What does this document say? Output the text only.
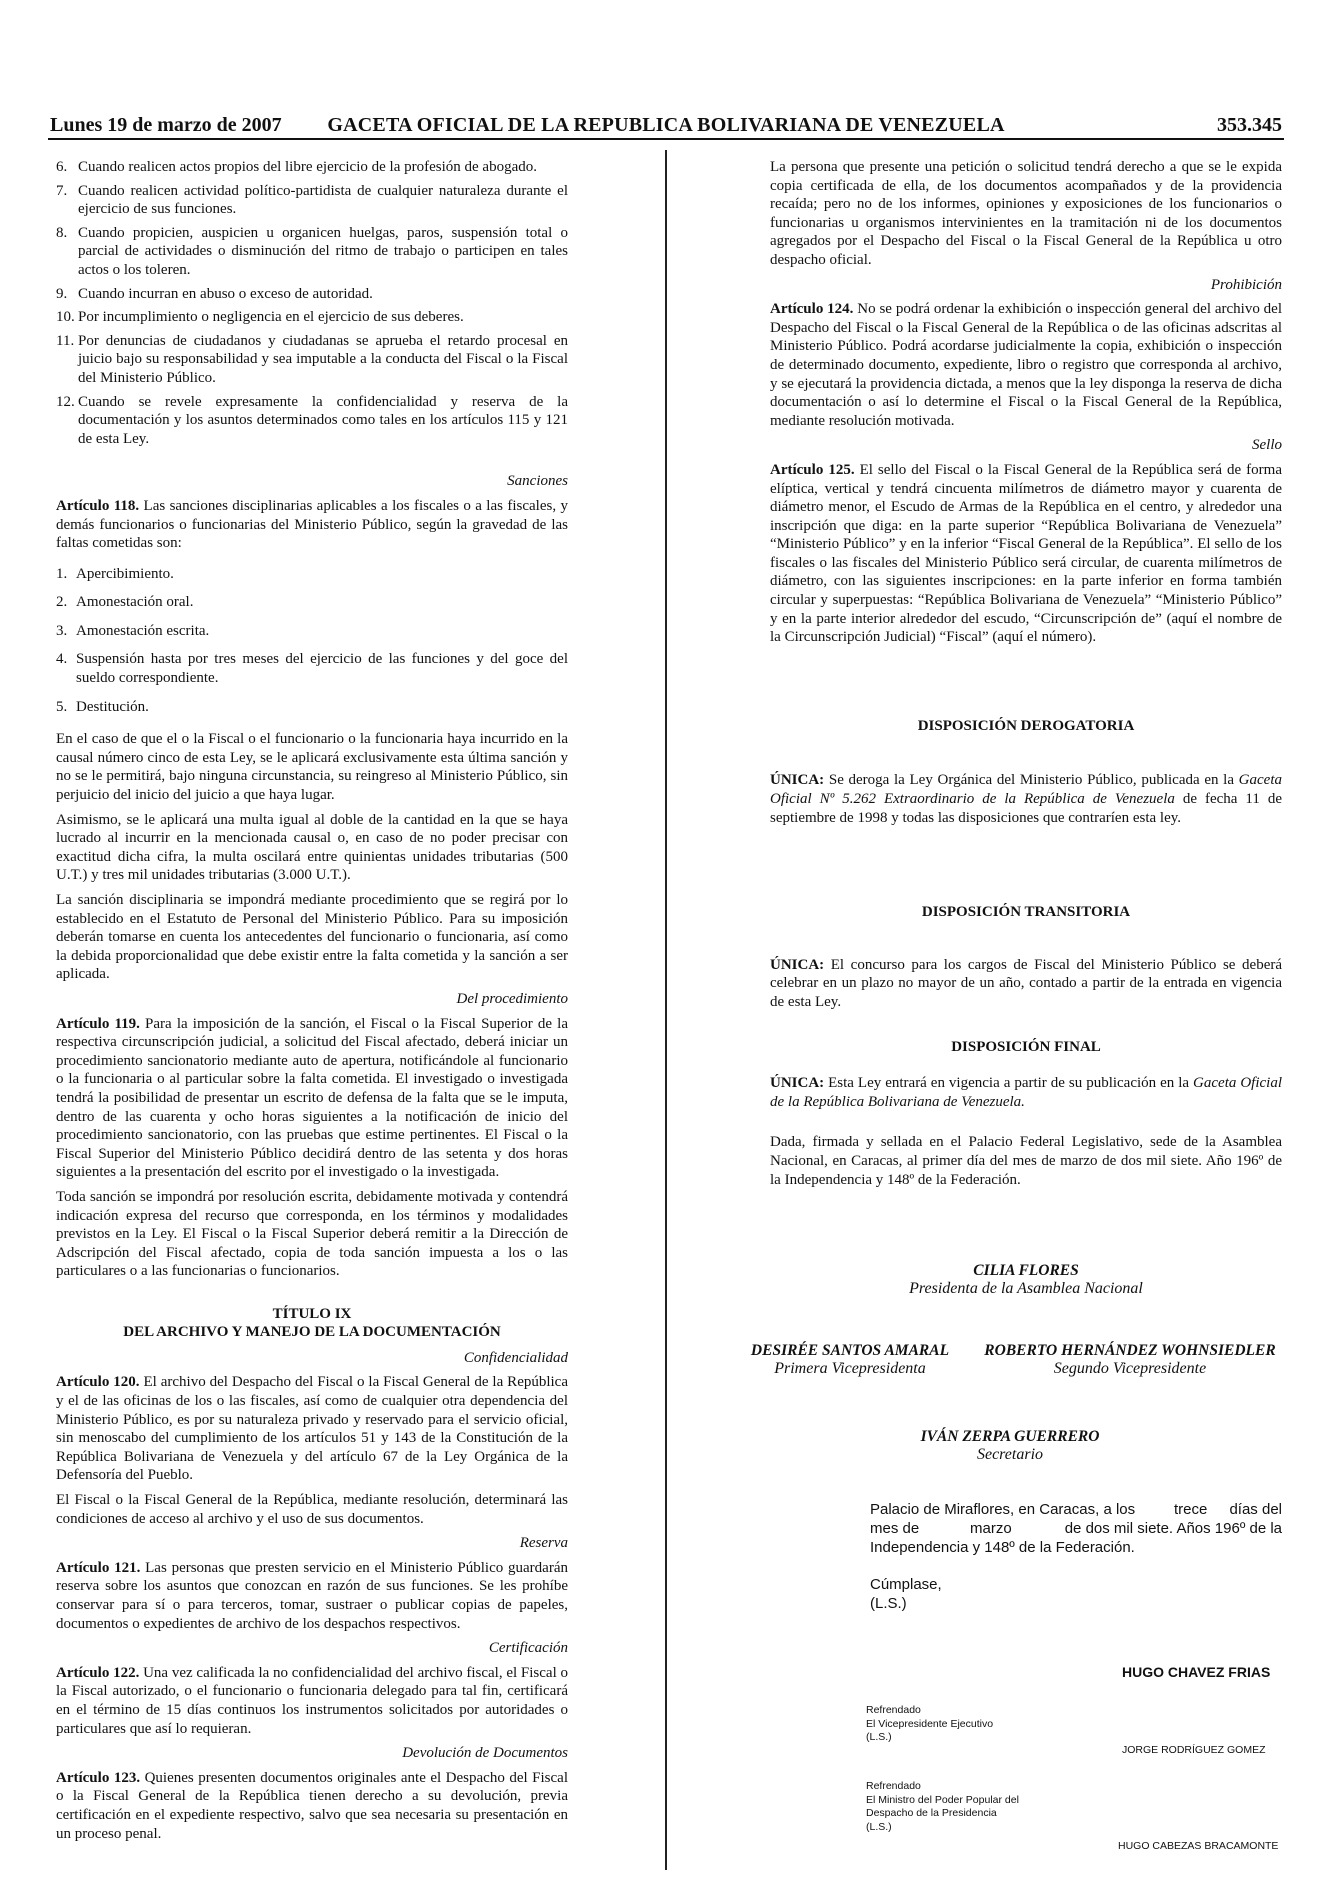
Lunes 19 de marzo de 2007	GACETA OFICIAL DE LA REPUBLICA BOLIVARIANA DE VENEZUELA	353.345
6. Cuando realicen actos propios del libre ejercicio de la profesión de abogado.
7. Cuando realicen actividad político-partidista de cualquier naturaleza durante el ejercicio de sus funciones.
8. Cuando propicien, auspicien u organicen huelgas, paros, suspensión total o parcial de actividades o disminución del ritmo de trabajo o participen en tales actos o los toleren.
9. Cuando incurran en abuso o exceso de autoridad.
10. Por incumplimiento o negligencia en el ejercicio de sus deberes.
11. Por denuncias de ciudadanos y ciudadanas se aprueba el retardo procesal en juicio bajo su responsabilidad y sea imputable a la conducta del Fiscal o la Fiscal del Ministerio Público.
12. Cuando se revele expresamente la confidencialidad y reserva de la documentación y los asuntos determinados como tales en los artículos 115 y 121 de esta Ley.

Sanciones

Artículo 118. Las sanciones disciplinarias aplicables a los fiscales o a las fiscales, y demás funcionarios o funcionarias del Ministerio Público, según la gravedad de las faltas cometidas son:

1. Apercibimiento.
2. Amonestación oral.
3. Amonestación escrita.
4. Suspensión hasta por tres meses del ejercicio de las funciones y del goce del sueldo correspondiente.
5. Destitución.

En el caso de que el o la Fiscal o el funcionario o la funcionaria haya incurrido en la causal número cinco de esta Ley, se le aplicará exclusivamente esta última sanción y no se le permitirá, bajo ninguna circunstancia, su reingreso al Ministerio Público, sin perjuicio del inicio del juicio a que haya lugar.

Asimismo, se le aplicará una multa igual al doble de la cantidad en la que se haya lucrado al incurrir en la mencionada causal o, en caso de no poder precisar con exactitud dicha cifra, la multa oscilará entre quinientas unidades tributarias (500 U.T.) y tres mil unidades tributarias (3.000 U.T.).

La sanción disciplinaria se impondrá mediante procedimiento que se regirá por lo establecido en el Estatuto de Personal del Ministerio Público. Para su imposición deberán tomarse en cuenta los antecedentes del funcionario o funcionaria, así como la debida proporcionalidad que debe existir entre la falta cometida y la sanción a ser aplicada.

Del procedimiento

Artículo 119. Para la imposición de la sanción, el Fiscal o la Fiscal Superior de la respectiva circunscripción judicial, a solicitud del Fiscal afectado, deberá iniciar un procedimiento sancionatorio mediante auto de apertura, notificándole al funcionario o la funcionaria o al particular sobre la falta cometida. El investigado o investigada tendrá la posibilidad de presentar un escrito de defensa de la falta que se le imputa, dentro de las cuarenta y ocho horas siguientes a la notificación de inicio del procedimiento sancionatorio, con las pruebas que estime pertinentes. El Fiscal o la Fiscal Superior del Ministerio Público decidirá dentro de las setenta y dos horas siguientes a la presentación del escrito por el investigado o la investigada.

Toda sanción se impondrá por resolución escrita, debidamente motivada y contendrá indicación expresa del recurso que corresponda, en los términos y modalidades previstos en la Ley. El Fiscal o la Fiscal Superior deberá remitir a la Dirección de Adscripción del Fiscal afectado, copia de toda sanción impuesta a los o las particulares o a las funcionarias o funcionarios.

TÍTULO IX
DEL ARCHIVO Y MANEJO DE LA DOCUMENTACIÓN

Confidencialidad

Artículo 120. El archivo del Despacho del Fiscal o la Fiscal General de la República y el de las oficinas de los o las fiscales, así como de cualquier otra dependencia del Ministerio Público, es por su naturaleza privado y reservado para el servicio oficial, sin menoscabo del cumplimiento de los artículos 51 y 143 de la Constitución de la República Bolivariana de Venezuela y del artículo 67 de la Ley Orgánica de la Defensoría del Pueblo.

El Fiscal o la Fiscal General de la República, mediante resolución, determinará las condiciones de acceso al archivo y el uso de sus documentos.

Reserva

Artículo 121. Las personas que presten servicio en el Ministerio Público guardarán reserva sobre los asuntos que conozcan en razón de sus funciones. Se les prohíbe conservar para sí o para terceros, tomar, sustraer o publicar copias de papeles, documentos o expedientes de archivo de los despachos respectivos.

Certificación

Artículo 122. Una vez calificada la no confidencialidad del archivo fiscal, el Fiscal o la Fiscal autorizado, o el funcionario o funcionaria delegado para tal fin, certificará en el término de 15 días continuos los instrumentos solicitados por autoridades o particulares que así lo requieran.

Devolución de Documentos

Artículo 123. Quienes presenten documentos originales ante el Despacho del Fiscal o la Fiscal General de la República tienen derecho a su devolución, previa certificación en el expediente respectivo, salvo que sea necesaria su presentación en un proceso penal.

La persona que presente una petición o solicitud tendrá derecho a que se le expida copia certificada de ella, de los documentos acompañados y de la providencia recaída; pero no de los informes, opiniones y exposiciones de los funcionarios o funcionarias u organismos intervinientes en la tramitación ni de los documentos agregados por el Despacho del Fiscal o la Fiscal General de la República u otro despacho oficial.

Prohibición

Artículo 124. No se podrá ordenar la exhibición o inspección general del archivo del Despacho del Fiscal o la Fiscal General de la República o de las oficinas adscritas al Ministerio Público. Podrá acordarse judicialmente la copia, exhibición o inspección de determinado documento, expediente, libro o registro que corresponda al archivo, y se ejecutará la providencia dictada, a menos que la ley disponga la reserva de dicha documentación o así lo determine el Fiscal o la Fiscal General de la República, mediante resolución motivada.

Sello

Artículo 125. El sello del Fiscal o la Fiscal General de la República será de forma elíptica, vertical y tendrá cincuenta milímetros de diámetro mayor y cuarenta de diámetro menor, el Escudo de Armas de la República en el centro, y alrededor una inscripción que diga: en la parte superior “República Bolivariana de Venezuela” “Ministerio Público” y en la inferior “Fiscal General de la República”. El sello de los fiscales o las fiscales del Ministerio Público será circular, de cuarenta milímetros de diámetro, con las siguientes inscripciones: en la parte inferior en forma también circular y superpuestas: “República Bolivariana de Venezuela” “Ministerio Público” y en la parte interior alrededor del escudo, “Circunscripción de” (aquí el nombre de la Circunscripción Judicial) “Fiscal” (aquí el número).

DISPOSICIÓN DEROGATORIA

ÚNICA: Se deroga la Ley Orgánica del Ministerio Público, publicada en la Gaceta Oficial Nº 5.262 Extraordinario de la República de Venezuela de fecha 11 de septiembre de 1998 y todas las disposiciones que contraríen esta ley.

DISPOSICIÓN TRANSITORIA

ÚNICA: El concurso para los cargos de Fiscal del Ministerio Público se deberá celebrar en un plazo no mayor de un año, contado a partir de la entrada en vigencia de esta Ley.

DISPOSICIÓN FINAL

ÚNICA: Esta Ley entrará en vigencia a partir de su publicación en la Gaceta Oficial de la República Bolivariana de Venezuela.

Dada, firmada y sellada en el Palacio Federal Legislativo, sede de la Asamblea Nacional, en Caracas, al primer día del mes de marzo de dos mil siete. Año 196º de la Independencia y 148º de la Federación.

CILIA FLORES
Presidenta de la Asamblea Nacional
DESIRÉE SANTOS AMARAL
Primera Vicepresidenta
ROBERTO HERNÁNDEZ WOHNSIEDLER
Segundo Vicepresidente
IVÁN ZERPA GUERRERO
Secretario
Palacio de Miraflores, en Caracas, a los	trece días del
mes de	marzo	de dos mil siete. Años 196º de la
Independencia y 148º de la Federación.
Cúmplase,
(L.S.)
HUGO CHAVEZ FRIAS
Refrendado
El Vicepresidente Ejecutivo
(L.S.)
JORGE RODRÍGUEZ GOMEZ
Refrendado
El Ministro del Poder Popular del
Despacho de la Presidencia
(L.S.)
HUGO CABEZAS BRACAMONTE
